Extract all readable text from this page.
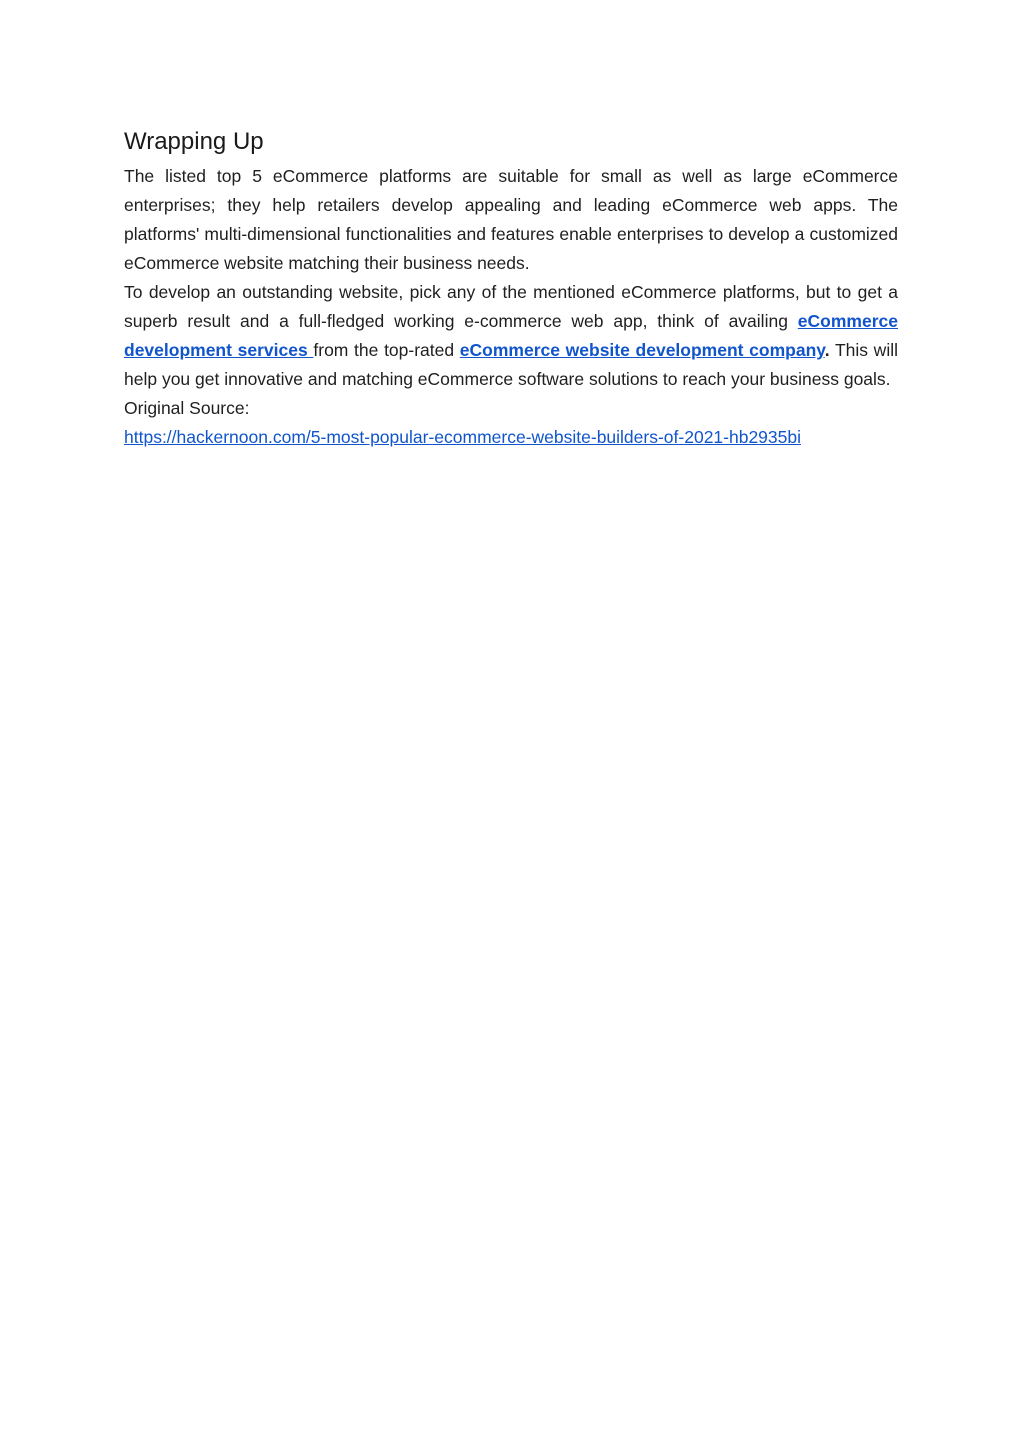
Wrapping Up

The listed top 5 eCommerce platforms are suitable for small as well as large eCommerce enterprises; they help retailers develop appealing and leading eCommerce web apps. The platforms' multi-dimensional functionalities and features enable enterprises to develop a customized eCommerce website matching their business needs.

To develop an outstanding website, pick any of the mentioned eCommerce platforms, but to get a superb result and a full-fledged working e-commerce web app, think of availing eCommerce development services from the top-rated eCommerce website development company. This will help you get innovative and matching eCommerce software solutions to reach your business goals.

Original Source:
https://hackernoon.com/5-most-popular-ecommerce-website-builders-of-2021-hb2935bi
